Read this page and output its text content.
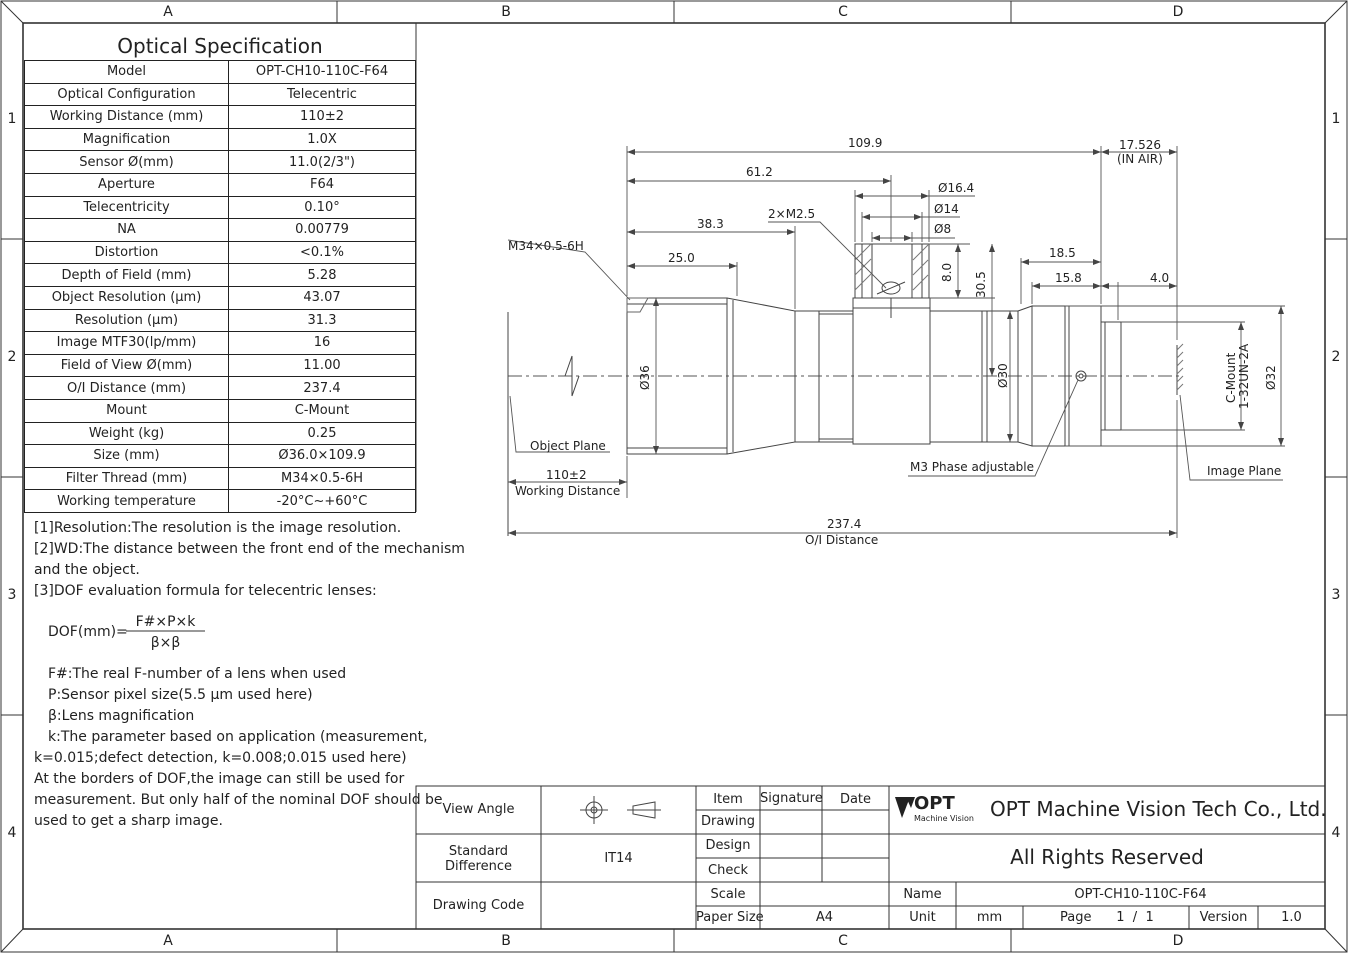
A	B	C	D
A	B	C	D
1
2
3
4
1
2
3
4
Optical Specification
Model	OPT-CH10-110C-F64
Optical Configuration	Telecentric
Working Distance (mm)	110±2
Magnification	1.0X
Sensor Ø(mm)	11.0(2/3")
Aperture	F64
Telecentricity	0.10°
NA	0.00779
Distortion	<0.1%
Depth of Field (mm)	5.28
Object Resolution (μm)	43.07
Resolution (μm)	31.3
Image MTF30(lp/mm)	16
Field of View Ø(mm)	11.00
O/I Distance (mm)	237.4
Mount	C-Mount
Weight (kg)	0.25
Size (mm)	Ø36.0×109.9
Filter Thread (mm)	M34×0.5-6H
Working temperature	-20°C~+60°C
[1]Resolution:The resolution is the image resolution.
[2]WD:The distance between the front end of the mechanism
and the object.
[3]DOF evaluation formula for telecentric lenses:
DOF(mm)=
F#×P×k
β×β
F#:The real F-number of a lens when used
P:Sensor pixel size(5.5 μm used here)
β:Lens magnification
k:The parameter based on application (measurement,
k=0.015;defect detection, k=0.008;0.015 used here)
At the borders of DOF,the image can still be used for
measurement. But only half of the nominal DOF should be
used to get a sharp image.
109.9	17.526
(IN AIR)
61.2
Ø16.4
Ø14
Ø8
2×M2.5
38.3
M34×0.5-6H
25.0	18.5
15.8	4.0
8.0 30.5
Ø36	Ø30	C-Mount 1-32UN-2A Ø32
Object Plane
110±2
Working Distance
M3 Phase adjustable	Image Plane
237.4
O/I Distance
View Angle
Standard
Difference
IT14
Drawing Code
Item	Signature	Date
Drawing
Design
Check
Scale
Paper Size	A4
OPT
Machine Vision OPT Machine Vision Tech Co., Ltd.
All Rights Reserved
Name	OPT-CH10-110C-F64
Unit	mm	Page	1  /  1	Version	1.0
